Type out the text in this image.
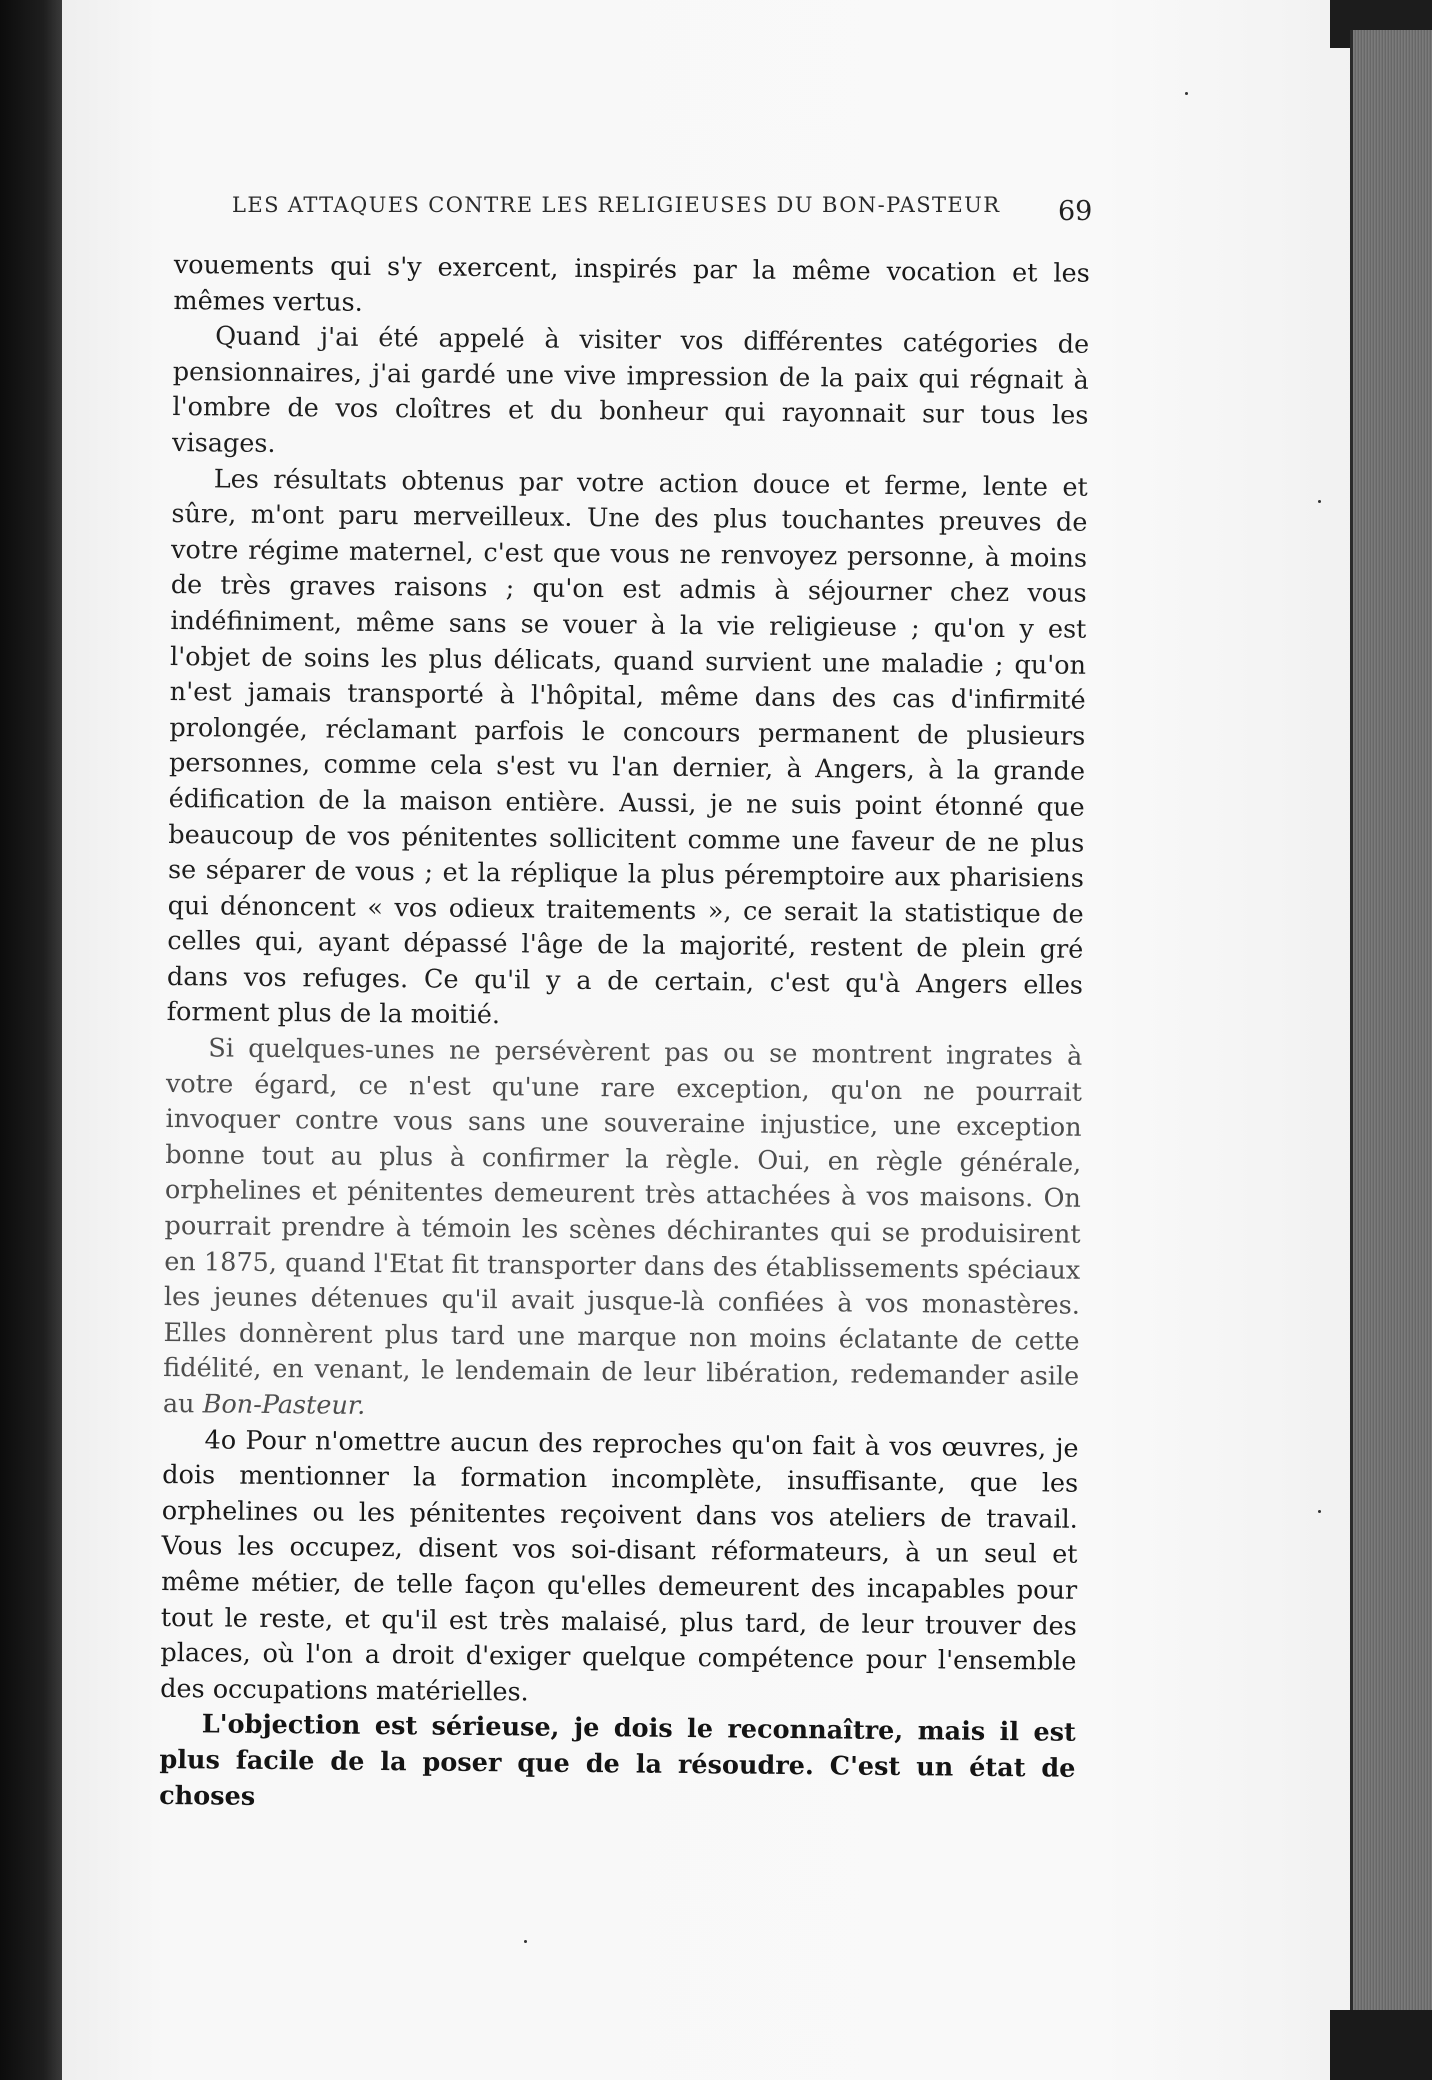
LES ATTAQUES CONTRE LES RELIGIEUSES DU BON-PASTEUR	69

vouements qui s'y exercent, inspirés par la même vocation et les mêmes vertus.

Quand j'ai été appelé à visiter vos différentes catégories de pensionnaires, j'ai gardé une vive impression de la paix qui régnait à l'ombre de vos cloîtres et du bonheur qui rayonnait sur tous les visages.

Les résultats obtenus par votre action douce et ferme, lente et sûre, m'ont paru merveilleux. Une des plus touchantes preuves de votre régime maternel, c'est que vous ne renvoyez personne, à moins de très graves raisons ; qu'on est admis à séjourner chez vous indéfiniment, même sans se vouer à la vie religieuse ; qu'on y est l'objet de soins les plus délicats, quand survient une maladie ; qu'on n'est jamais transporté à l'hôpital, même dans des cas d'infirmité prolongée, réclamant parfois le concours permanent de plusieurs personnes, comme cela s'est vu l'an dernier, à Angers, à la grande édification de la maison entière. Aussi, je ne suis point étonné que beaucoup de vos pénitentes sollicitent comme une faveur de ne plus se séparer de vous ; et la réplique la plus péremptoire aux pharisiens qui dénoncent « vos odieux traitements », ce serait la statistique de celles qui, ayant dépassé l'âge de la majorité, restent de plein gré dans vos refuges. Ce qu'il y a de certain, c'est qu'à Angers elles forment plus de la moitié.

Si quelques-unes ne persévèrent pas ou se montrent ingrates à votre égard, ce n'est qu'une rare exception, qu'on ne pourrait invoquer contre vous sans une souveraine injustice, une exception bonne tout au plus à confirmer la règle. Oui, en règle générale, orphelines et pénitentes demeurent très attachées à vos maisons. On pourrait prendre à témoin les scènes déchirantes qui se produisirent en 1875, quand l'Etat fit transporter dans des établissements spéciaux les jeunes détenues qu'il avait jusque-là confiées à vos monastères. Elles donnèrent plus tard une marque non moins éclatante de cette fidélité, en venant, le lendemain de leur libération, redemander asile au Bon-Pasteur.

4o Pour n'omettre aucun des reproches qu'on fait à vos œuvres, je dois mentionner la formation incomplète, insuffisante, que les orphelines ou les pénitentes reçoivent dans vos ateliers de travail. Vous les occupez, disent vos soi-disant réformateurs, à un seul et même métier, de telle façon qu'elles demeurent des incapables pour tout le reste, et qu'il est très malaisé, plus tard, de leur trouver des places, où l'on a droit d'exiger quelque compétence pour l'ensemble des occupations matérielles.

L'objection est sérieuse, je dois le reconnaître, mais il est plus facile de la poser que de la résoudre. C'est un état de choses
